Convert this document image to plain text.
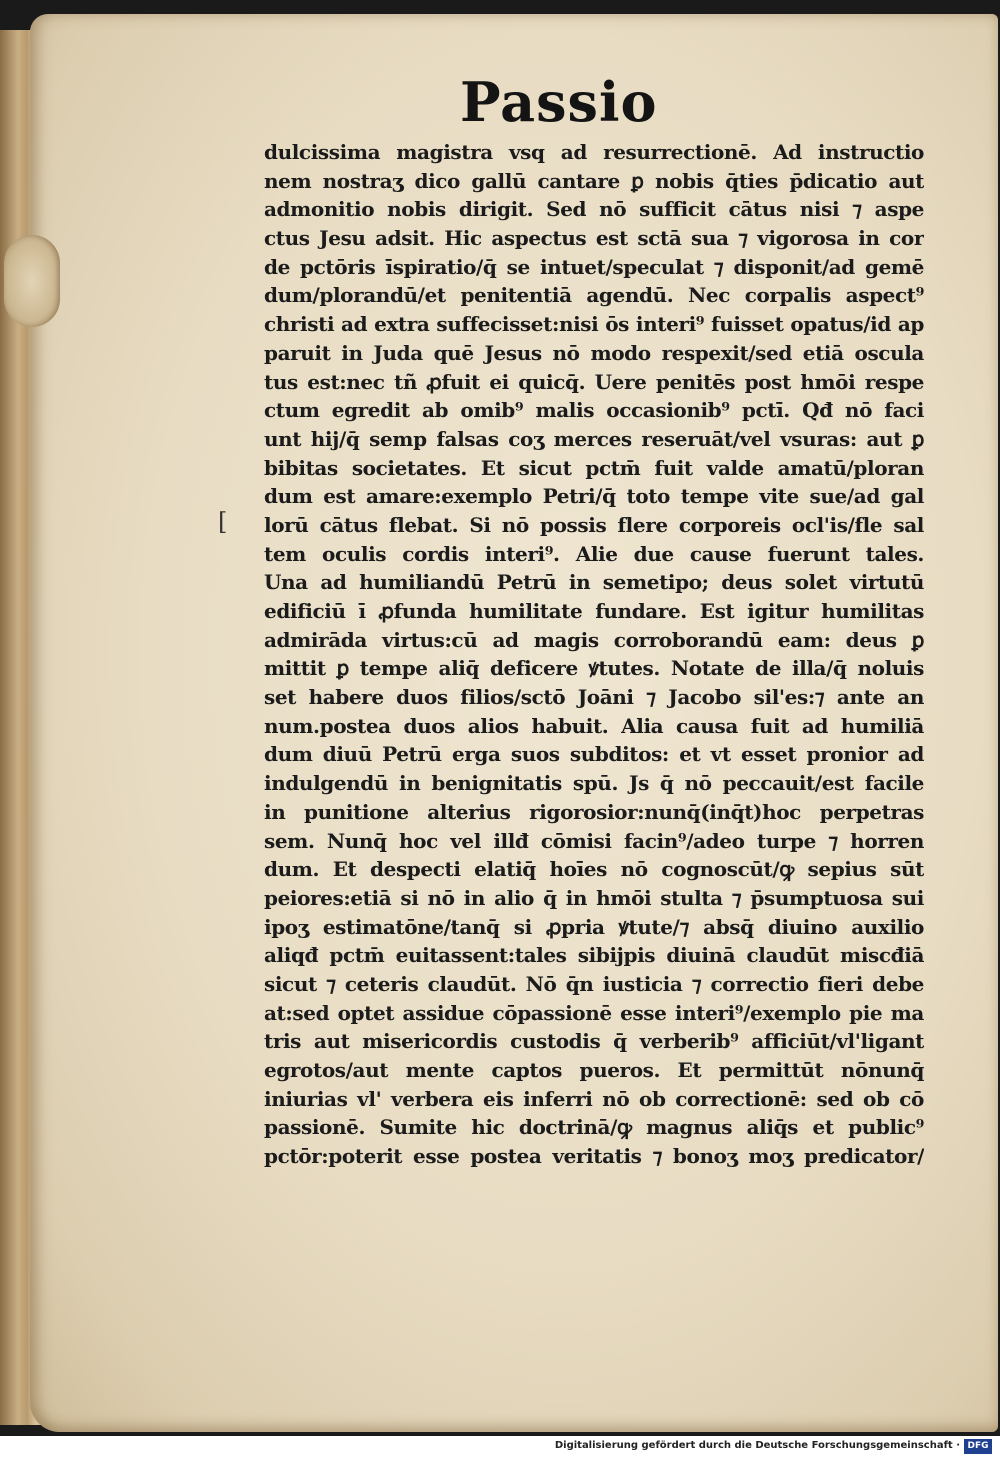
Passio
[
dulcissima magistra vsq ad resurrectionē. Ad instructio
nem nostraʒ dico gallū cantare ꝑ nobis q̄ties p̄dicatio aut
admonitio nobis dirigit. Sed nō sufficit cātus nisi ⁊ aspe
ctus Jesu adsit. Hic aspectus est sctā sua ⁊ vigorosa in cor
de pctōris īspiratio/q̄ se intuet/speculat ⁊ disponit/ad gemē
dum/plorandū/et penitentiā agendū. Nec corpalis aspect⁹
christi ad extra suffecisset:nisi ōs interi⁹ fuisset opatus/id ap
paruit in Juda quē Jesus nō modo respexit/sed etiā oscula
tus est:nec tñ ꝓfuit ei quicq̄. Uere penitēs post hmōi respe
ctum egredit ab omib⁹ malis occasionib⁹ pctī. Qđ nō faci
unt hij/q̄ semp falsas coʒ merces reseruāt/vel vsuras: aut ꝑ
bibitas societates. Et sicut pctm̄ fuit valde amatū/ploran
dum est amare:exemplo Petri/q̄ toto tempe vite sue/ad gal
lorū cātus flebat. Si nō possis flere corporeis ocl'is/fle sal
tem oculis cordis interi⁹. Alie due cause fuerunt tales.
Una ad humiliandū Petrū in semetipo; deus solet virtutū
edificiū ī ꝓfunda humilitate fundare. Est igitur humilitas
admirāda virtus:cū ad magis corroborandū eam: deus ꝑ
mittit ꝑ tempe aliq̄ deficere ꝟtutes. Notate de illa/q̄ noluis
set habere duos filios/sctō Joāni ⁊ Jacobo sil'es:⁊ ante an
num.postea duos alios habuit. Alia causa fuit ad humiliā
dum diuū Petrū erga suos subditos: et vt esset pronior ad
indulgendū in benignitatis spū. Js q̄ nō peccauit/est facile
in punitione alterius rigorosior:nunq̄(inq̄t)hoc perpetras
sem. Nunq̄ hoc vel illđ cōmisi facin⁹/adeo turpe ⁊ horren
dum. Et despecti elatiq̄ hoīes nō cognoscūt/ꝙ sepius sūt
peiores:etiā si nō in alio q̄ in hmōi stulta ⁊ p̄sumptuosa sui
ipoʒ estimatōne/tanq̄ si ꝓpria ꝟtute/⁊ absq̄ diuino auxilio
aliqđ pctm̄ euitassent:tales sibijpis diuinā claudūt miscđiā
sicut ⁊ ceteris claudūt. Nō q̄n iusticia ⁊ correctio fieri debe
at:sed optet assidue cōpassionē esse interi⁹/exemplo pie ma
tris aut misericordis custodis q̄ verberib⁹ afficiūt/vl'ligant
egrotos/aut mente captos pueros. Et permittūt nōnunq̄
iniurias vl' verbera eis inferri nō ob correctionē: sed ob cō
passionē. Sumite hic doctrinā/ꝙ magnus aliq̄s et public⁹
pctōr:poterit esse postea veritatis ⁊ bonoʒ moʒ predicator/
Digitalisierung gefördert durch die Deutsche Forschungsgemeinschaft · DFG
